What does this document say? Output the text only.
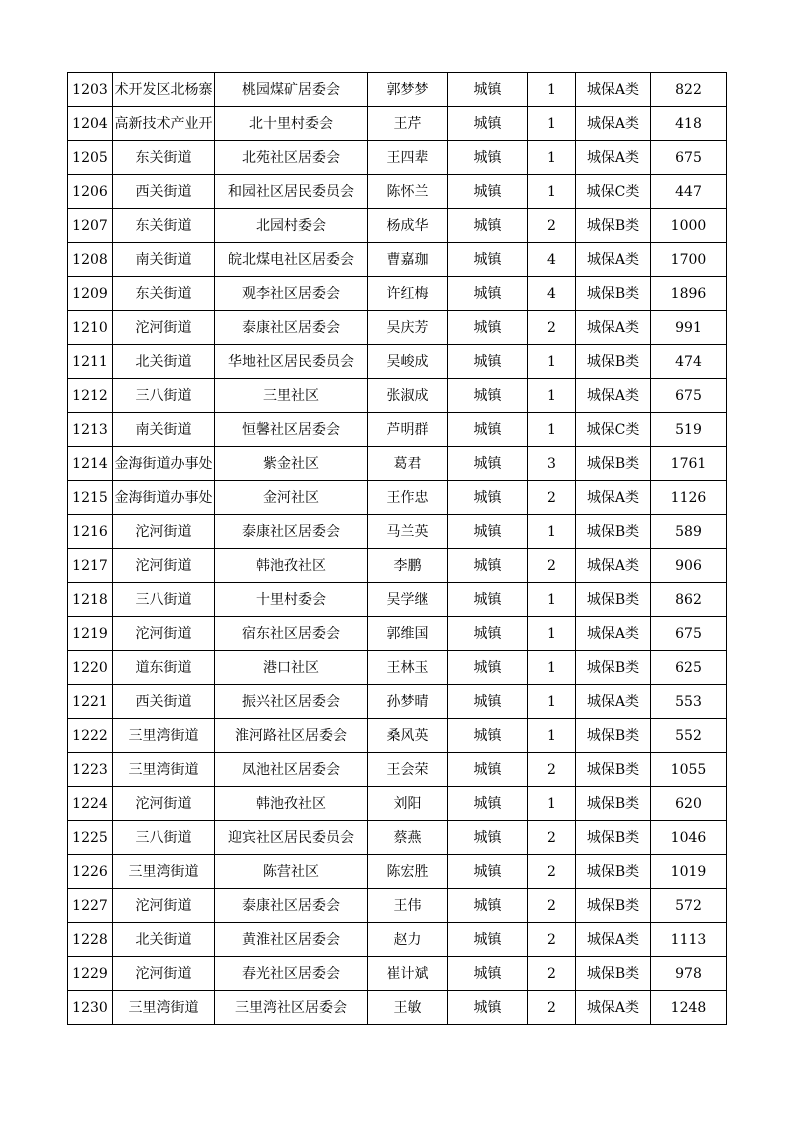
1203	术开发区北杨寨	桃园煤矿居委会	郭梦梦	城镇	1	城保A类	822
1204	高新技术产业开	北十里村委会	王芹	城镇	1	城保A类	418
1205	东关街道	北苑社区居委会	王四辈	城镇	1	城保A类	675
1206	西关街道	和园社区居民委员会	陈怀兰	城镇	1	城保C类	447
1207	东关街道	北园村委会	杨成华	城镇	2	城保B类	1000
1208	南关街道	皖北煤电社区居委会	曹嘉珈	城镇	4	城保A类	1700
1209	东关街道	观李社区居委会	许红梅	城镇	4	城保B类	1896
1210	沱河街道	泰康社区居委会	吴庆芳	城镇	2	城保A类	991
1211	北关街道	华地社区居民委员会	吴峻成	城镇	1	城保B类	474
1212	三八街道	三里社区	张淑成	城镇	1	城保A类	675
1213	南关街道	恒馨社区居委会	芦明群	城镇	1	城保C类	519
1214	金海街道办事处	紫金社区	葛君	城镇	3	城保B类	1761
1215	金海街道办事处	金河社区	王作忠	城镇	2	城保A类	1126
1216	沱河街道	泰康社区居委会	马兰英	城镇	1	城保B类	589
1217	沱河街道	韩池孜社区	李鹏	城镇	2	城保A类	906
1218	三八街道	十里村委会	吴学继	城镇	1	城保B类	862
1219	沱河街道	宿东社区居委会	郭维国	城镇	1	城保A类	675
1220	道东街道	港口社区	王林玉	城镇	1	城保B类	625
1221	西关街道	振兴社区居委会	孙梦晴	城镇	1	城保A类	553
1222	三里湾街道	淮河路社区居委会	桑风英	城镇	1	城保B类	552
1223	三里湾街道	凤池社区居委会	王会荣	城镇	2	城保B类	1055
1224	沱河街道	韩池孜社区	刘阳	城镇	1	城保B类	620
1225	三八街道	迎宾社区居民委员会	蔡燕	城镇	2	城保B类	1046
1226	三里湾街道	陈营社区	陈宏胜	城镇	2	城保B类	1019
1227	沱河街道	泰康社区居委会	王伟	城镇	2	城保B类	572
1228	北关街道	黄淮社区居委会	赵力	城镇	2	城保A类	1113
1229	沱河街道	春光社区居委会	崔计斌	城镇	2	城保B类	978
1230	三里湾街道	三里湾社区居委会	王敏	城镇	2	城保A类	1248
